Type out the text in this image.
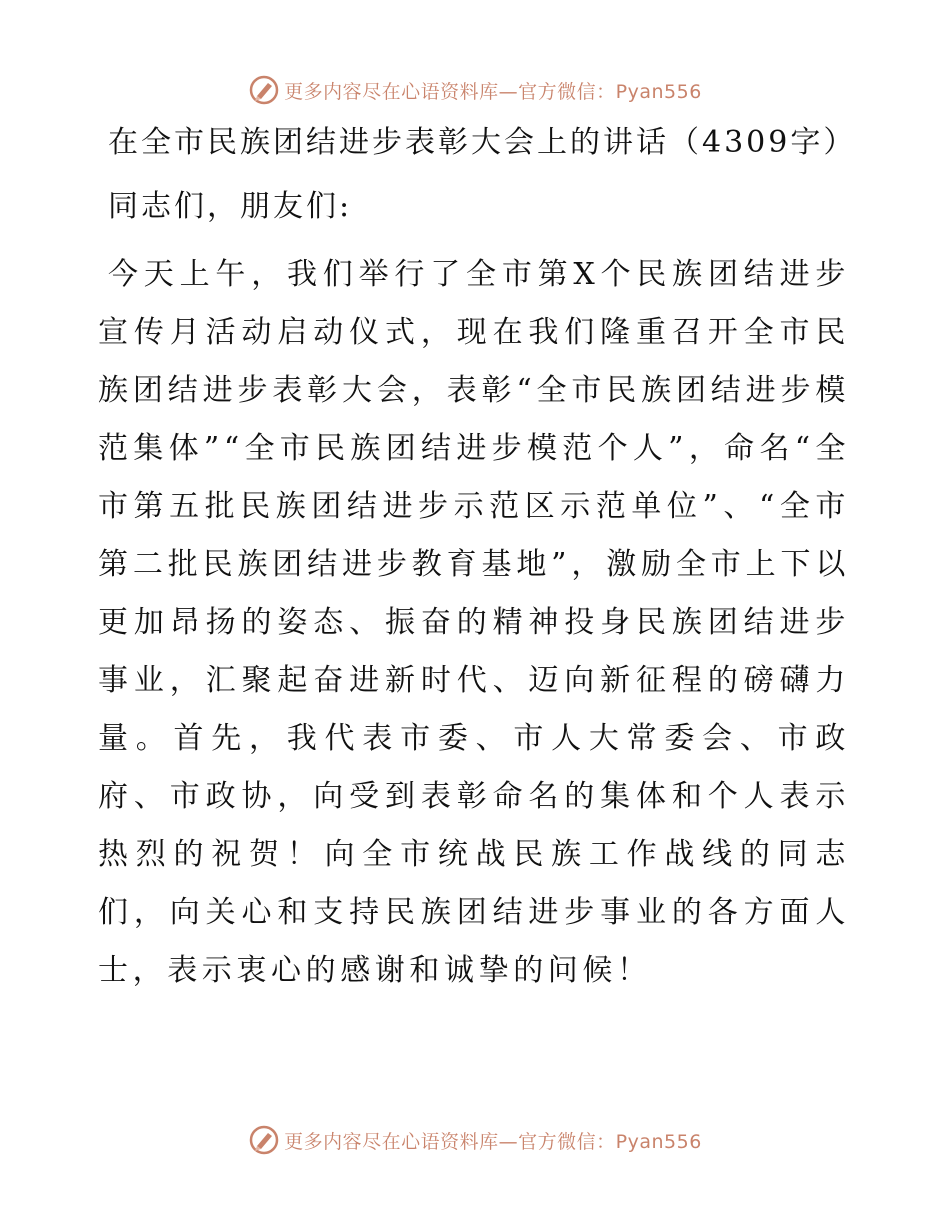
更多内容尽在心语资料库—官方微信：Pyan556
在全市民族团结进步表彰大会上的讲话（4309字）

同志们，朋友们:

今天上午，我们举行了全市第X个民族团结进步宣传月活动启动仪式，现在我们隆重召开全市民族团结进步表彰大会，表彰“全市民族团结进步模范集体”“全市民族团结进步模范个人”，命名“全市第五批民族团结进步示范区示范单位”、“全市第二批民族团结进步教育基地”，激励全市上下以更加昂扬的姿态、振奋的精神投身民族团结进步事业，汇聚起奋进新时代、迈向新征程的磅礴力量。首先，我代表市委、市人大常委会、市政府、市政协，向受到表彰命名的集体和个人表示热烈的祝贺！向全市统战民族工作战线的同志们，向关心和支持民族团结进步事业的各方面人士，表示衷心的感谢和诚挚的问候！

更多内容尽在心语资料库—官方微信：Pyan556
